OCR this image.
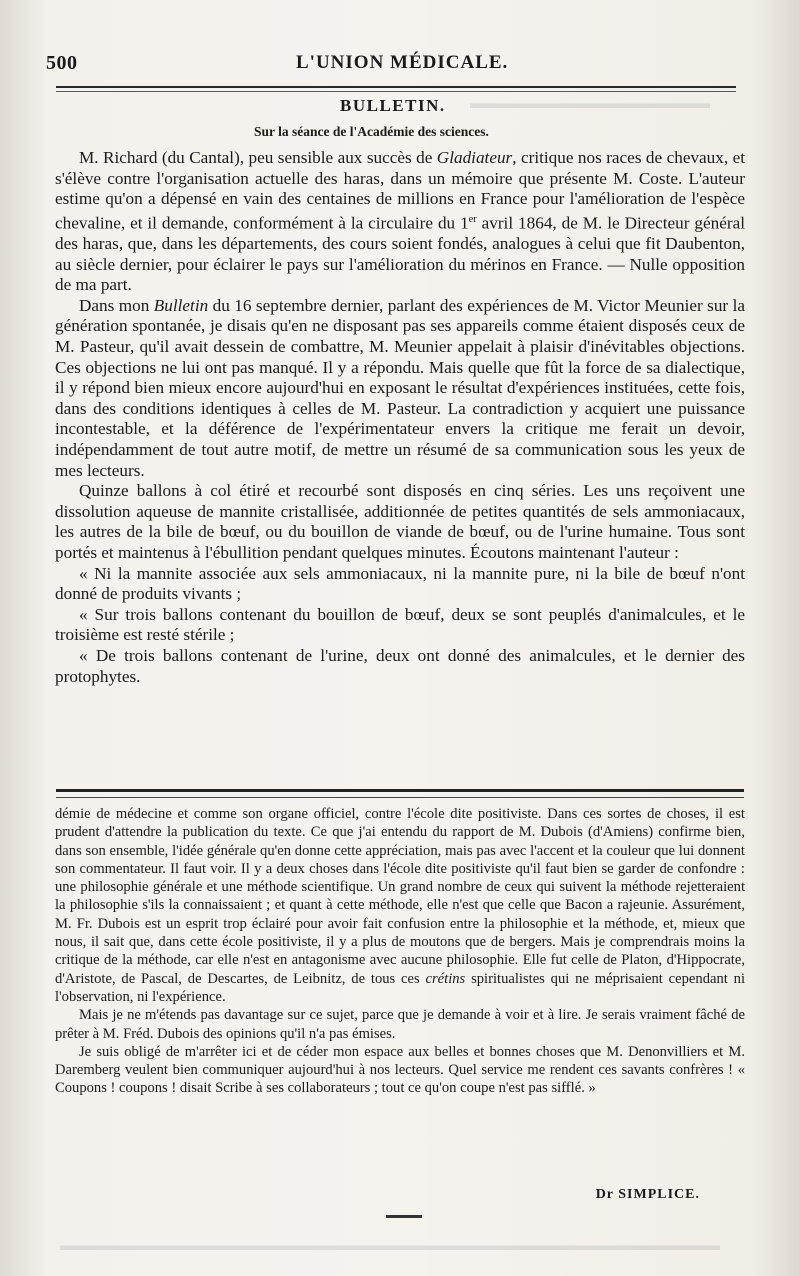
▬▬▬▬▬▬▬▬▬▬▬▬▬▬▬▬
▬▬▬▬▬▬▬▬▬▬▬▬▬▬▬▬▬▬▬▬▬▬▬▬▬▬▬▬▬▬▬▬▬▬▬▬▬▬▬▬▬▬▬▬
500	L'UNION MÉDICALE.
BULLETIN.
Sur la séance de l'Académie des sciences.

M. Richard (du Cantal), peu sensible aux succès de Gladiateur, critique nos races de chevaux, et s'élève contre l'organisation actuelle des haras, dans un mémoire que présente M. Coste. L'auteur estime qu'on a dépensé en vain des centaines de millions en France pour l'amélioration de l'espèce chevaline, et il demande, conformément à la circulaire du 1er avril 1864, de M. le Directeur général des haras, que, dans les départements, des cours soient fondés, analogues à celui que fit Daubenton, au siècle dernier, pour éclairer le pays sur l'amélioration du mérinos en France. — Nulle opposition de ma part.

Dans mon Bulletin du 16 septembre dernier, parlant des expériences de M. Victor Meunier sur la génération spontanée, je disais qu'en ne disposant pas ses appareils comme étaient disposés ceux de M. Pasteur, qu'il avait dessein de combattre, M. Meunier appelait à plaisir d'inévitables objections. Ces objections ne lui ont pas manqué. Il y a répondu. Mais quelle que fût la force de sa dialectique, il y répond bien mieux encore aujourd'hui en exposant le résultat d'expériences instituées, cette fois, dans des conditions identiques à celles de M. Pasteur. La contradiction y acquiert une puissance incontestable, et la déférence de l'expérimentateur envers la critique me ferait un devoir, indépendamment de tout autre motif, de mettre un résumé de sa communication sous les yeux de mes lecteurs.

Quinze ballons à col étiré et recourbé sont disposés en cinq séries. Les uns reçoivent une dissolution aqueuse de mannite cristallisée, additionnée de petites quantités de sels ammoniacaux, les autres de la bile de bœuf, ou du bouillon de viande de bœuf, ou de l'urine humaine. Tous sont portés et maintenus à l'ébullition pendant quelques minutes. Écoutons maintenant l'auteur :

« Ni la mannite associée aux sels ammoniacaux, ni la mannite pure, ni la bile de bœuf n'ont donné de produits vivants ;

« Sur trois ballons contenant du bouillon de bœuf, deux se sont peuplés d'animalcules, et le troisième est resté stérile ;

« De trois ballons contenant de l'urine, deux ont donné des animalcules, et le dernier des protophytes.

démie de médecine et comme son organe officiel, contre l'école dite positiviste. Dans ces sortes de choses, il est prudent d'attendre la publication du texte. Ce que j'ai entendu du rapport de M. Dubois (d'Amiens) confirme bien, dans son ensemble, l'idée générale qu'en donne cette appréciation, mais pas avec l'accent et la couleur que lui donnent son commentateur. Il faut voir. Il y a deux choses dans l'école dite positiviste qu'il faut bien se garder de confondre : une philosophie générale et une méthode scientifique. Un grand nombre de ceux qui suivent la méthode rejetteraient la philosophie s'ils la connaissaient ; et quant à cette méthode, elle n'est que celle que Bacon a rajeunie. Assurément, M. Fr. Dubois est un esprit trop éclairé pour avoir fait confusion entre la philosophie et la méthode, et, mieux que nous, il sait que, dans cette école positiviste, il y a plus de moutons que de bergers. Mais je comprendrais moins la critique de la méthode, car elle n'est en antagonisme avec aucune philosophie. Elle fut celle de Platon, d'Hippocrate, d'Aristote, de Pascal, de Descartes, de Leibnitz, de tous ces crétins spiritualistes qui ne méprisaient cependant ni l'observation, ni l'expérience.

Mais je ne m'étends pas davantage sur ce sujet, parce que je demande à voir et à lire. Je serais vraiment fâché de prêter à M. Fréd. Dubois des opinions qu'il n'a pas émises.

Je suis obligé de m'arrêter ici et de céder mon espace aux belles et bonnes choses que M. Denonvilliers et M. Daremberg veulent bien communiquer aujourd'hui à nos lecteurs. Quel service me rendent ces savants confrères ! « Coupons ! coupons ! disait Scribe à ses collaborateurs ; tout ce qu'on coupe n'est pas sifflé. »

Dr SIMPLICE.
